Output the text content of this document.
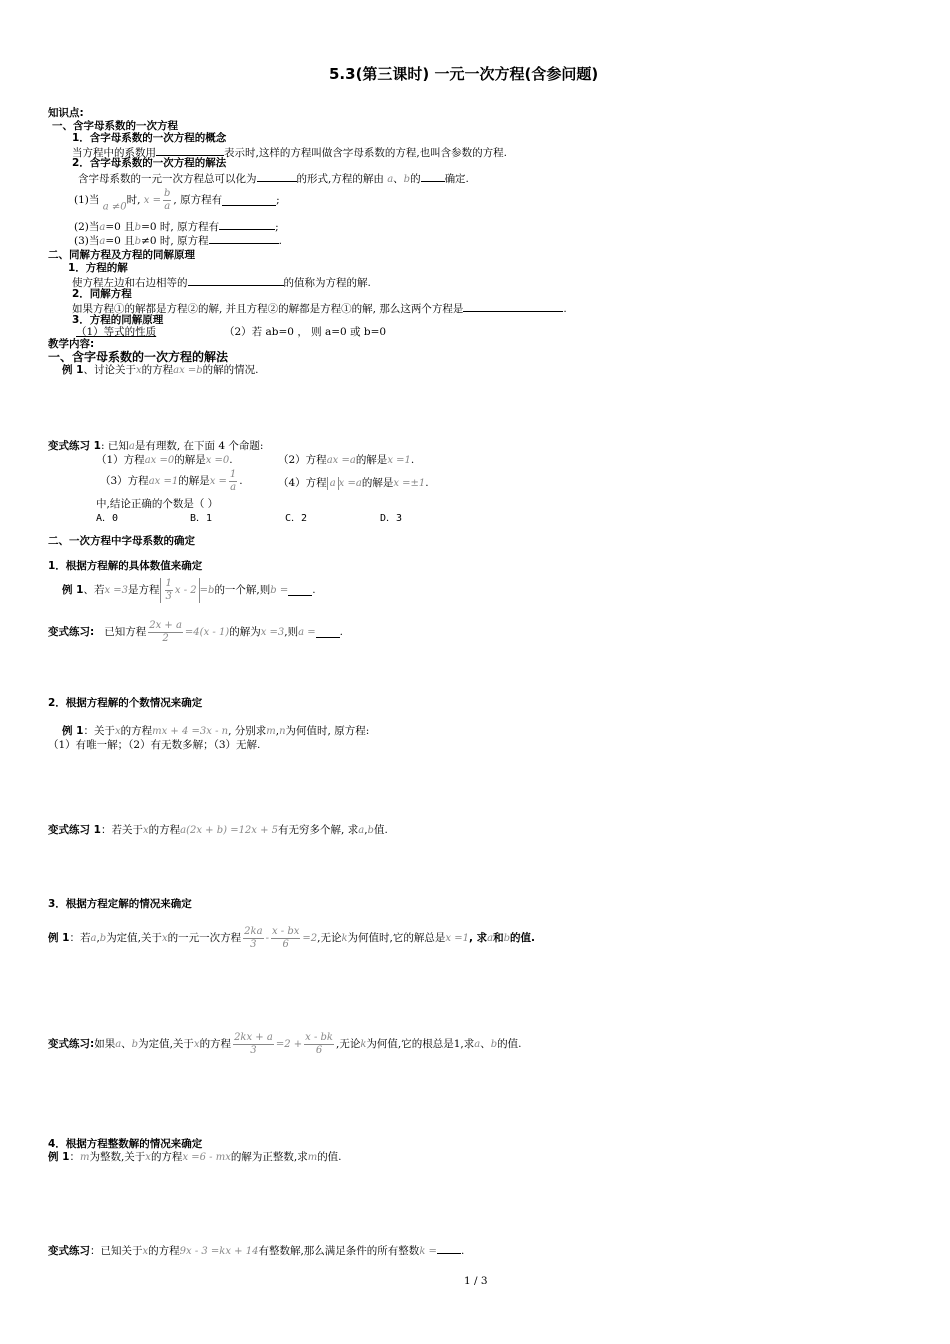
5.3(第三课时) 一元一次方程(含参问题)
知识点:
一、含字母系数的一次方程
1．含字母系数的一次方程的概念
当方程中的系数用	表示时,这样的方程叫做含字母系数的方程,也叫含参数的方程.
2．含字母系数的一次方程的解法
含字母系数的一元一次方程总可以化为	的形式,方程的解由 a、b的 确定.
(1)当 a ≠0时, $x = \frac{b}{a}$ , 原方程有	;
(2)当a=0 且b=0 时, 原方程有	;
(3)当a=0 且b≠0 时, 原方程	.
二、同解方程及方程的同解原理
1．方程的解
使方程左边和右边相等的	的值称为方程的解.
2．同解方程
如果方程①的解都是方程②的解, 并且方程②的解都是方程①的解, 那么这两个方程是	.
3．方程的同解原理
（1）等式的性质	（2）若 ab=0 ， 则 a=0 或 b=0
教学内容:
一、含字母系数的一次方程的解法
例 1、讨论关于x的方程ax =b的解的情况.
变式练习 1: 已知a是有理数, 在下面 4 个命题:
（1）方程ax =0的解是x =0.	（2）方程ax =a的解是x =1.
（3）方程ax =1的解是$x = \frac{1}{a}$ .	（4）方程 a x =a的解是x =±1.
中,结论正确的个数是（ ）
A．0	B．1	C．2	D．3
二、一次方程中字母系数的确定
1．根据方程解的具体数值来确定
例 1、若x =3是方程 $\frac{1}{3}$ x - 2 =b的一个解,则b = .
变式练习: 已知方程 $\frac{2x + a}{2} =4(x - 1)$的解为x =3,则a = .
2．根据方程解的个数情况来确定
例 1：关于x的方程mx + 4 =3x - n, 分别求m,n为何值时, 原方程:
（1）有唯一解；（2）有无数多解；（3）无解.
变式练习 1：若关于x的方程a(2x + b) =12x + 5有无穷多个解, 求a,b值.
3．根据方程定解的情况来确定
例 1：若a,b为定值,关于x的一元一次方程 $\frac{2ka}{3} - \frac{x - bx}{6} =2$,无论k为何值时,它的解总是x =1, 求a和b的值.
变式练习:如果a、b为定值,关于x的方程 $\frac{2kx + a}{3} =2 + \frac{x - bk}{6}$ ,无论k为何值,它的根总是1,求a、b的值.
4．根据方程整数解的情况来确定
例 1：m为整数,关于x的方程x =6 - mx的解为正整数,求m的值.
变式练习：已知关于x的方程9x - 3 =kx + 14有整数解,那么满足条件的所有整数k = .
1 / 3
